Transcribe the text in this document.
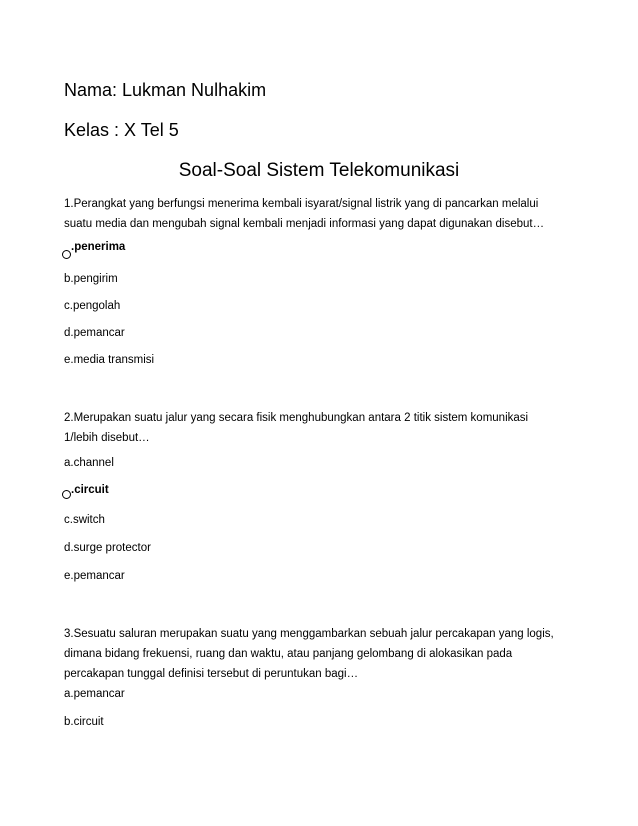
Nama: Lukman Nulhakim
Kelas : X Tel 5
Soal-Soal Sistem Telekomunikasi
1.Perangkat yang berfungsi menerima kembali isyarat/signal listrik yang di pancarkan melalui suatu media dan mengubah signal kembali menjadi informasi yang dapat digunakan disebut…
.penerima
b.pengirim
c.pengolah
d.pemancar
e.media transmisi
2.Merupakan suatu jalur yang secara fisik menghubungkan antara 2 titik sistem komunikasi 1/lebih disebut…
a.channel
.circuit
c.switch
d.surge protector
e.pemancar
3.Sesuatu saluran merupakan suatu yang menggambarkan sebuah jalur percakapan yang logis, dimana bidang frekuensi, ruang dan waktu, atau panjang gelombang di alokasikan pada percakapan tunggal definisi tersebut di peruntukan bagi…
a.pemancar
b.circuit
